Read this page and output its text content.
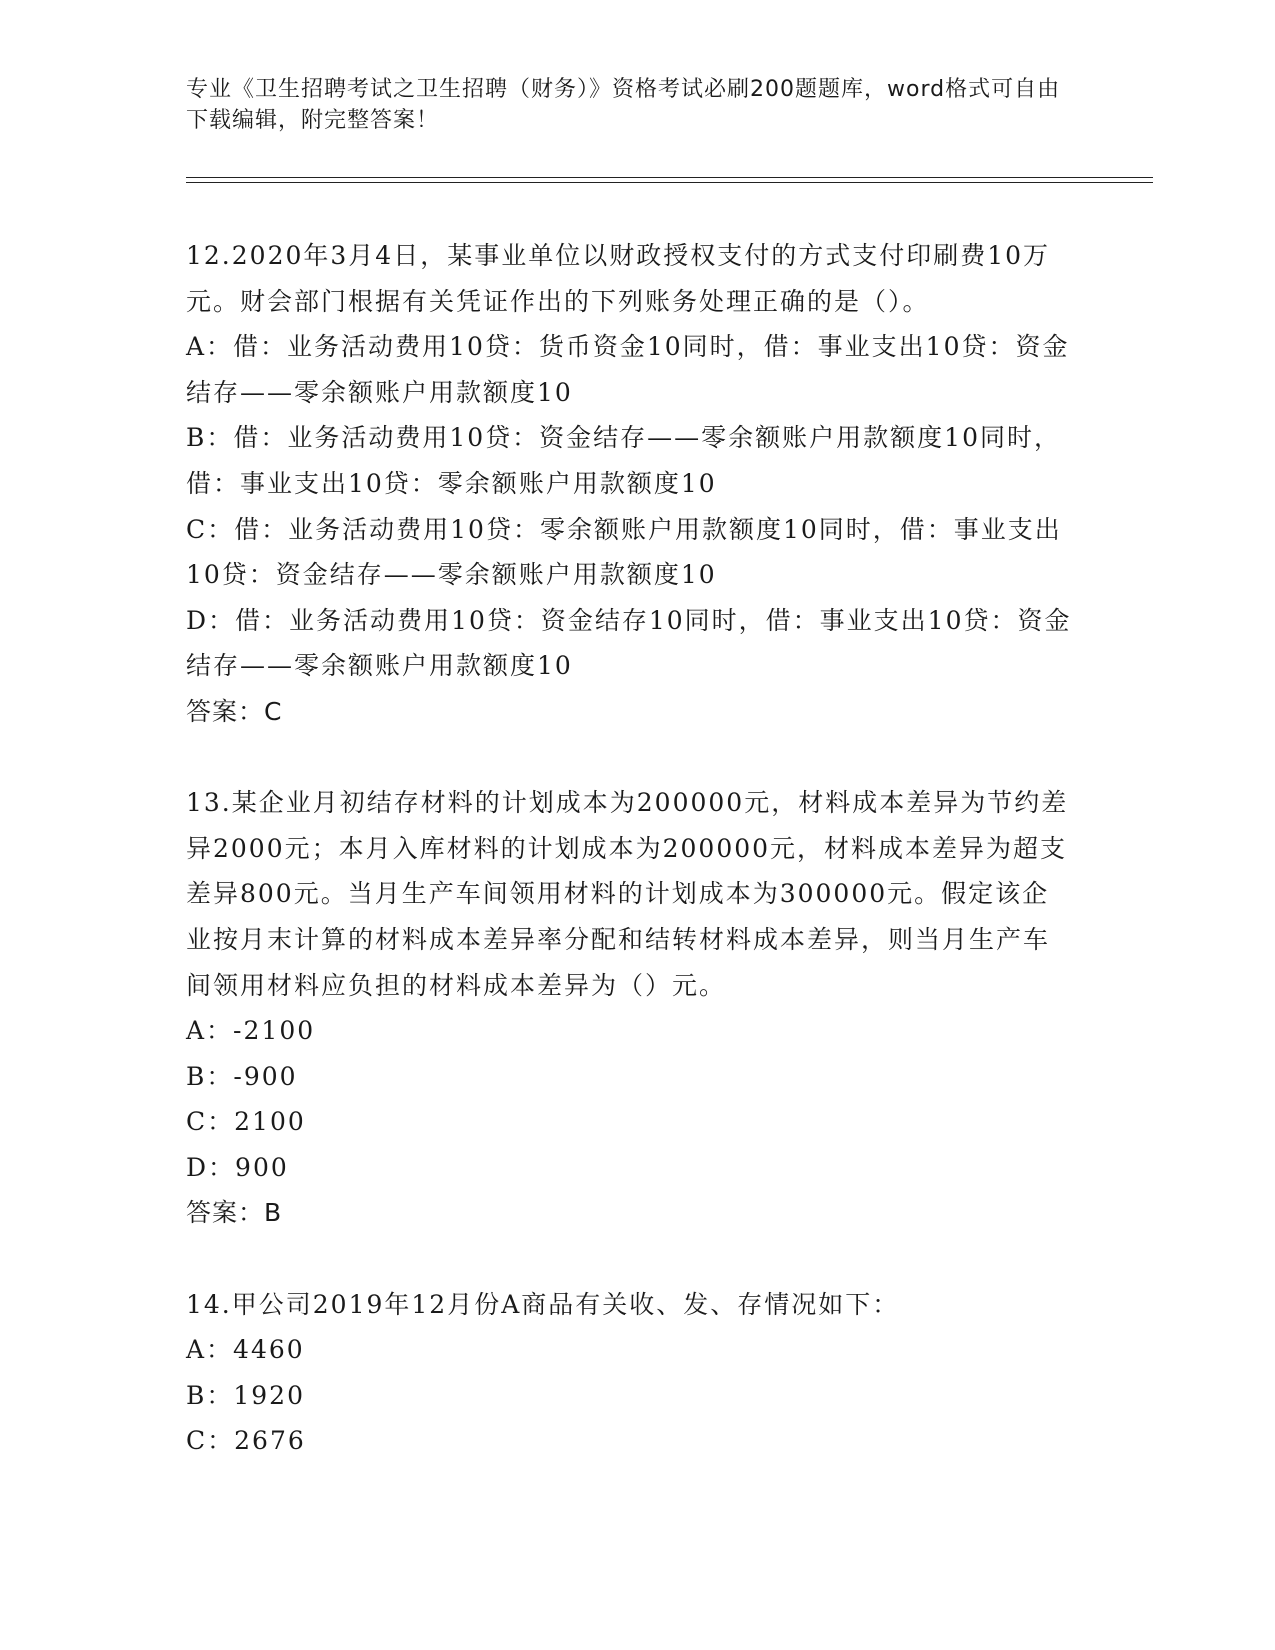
专业《卫生招聘考试之卫生招聘（财务）》资格考试必刷200题题库，word格式可自由下载编辑，附完整答案！

12.2020年3月4日，某事业单位以财政授权支付的方式支付印刷费10万元。财会部门根据有关凭证作出的下列账务处理正确的是（）。

A：借：业务活动费用10贷：货币资金10同时，借：事业支出10贷：资金结存——零余额账户用款额度10

B：借：业务活动费用10贷：资金结存——零余额账户用款额度10同时，借：事业支出10贷：零余额账户用款额度10

C：借：业务活动费用10贷：零余额账户用款额度10同时，借：事业支出10贷：资金结存——零余额账户用款额度10

D：借：业务活动费用10贷：资金结存10同时，借：事业支出10贷：资金结存——零余额账户用款额度10

答案：C

13.某企业月初结存材料的计划成本为200000元，材料成本差异为节约差异2000元；本月入库材料的计划成本为200000元，材料成本差异为超支差异800元。当月生产车间领用材料的计划成本为300000元。假定该企业按月末计算的材料成本差异率分配和结转材料成本差异，则当月生产车间领用材料应负担的材料成本差异为（）元。

A：-2100

B：-900

C：2100

D：900

答案：B

14.甲公司2019年12月份A商品有关收、发、存情况如下：

A：4460

B：1920

C：2676
